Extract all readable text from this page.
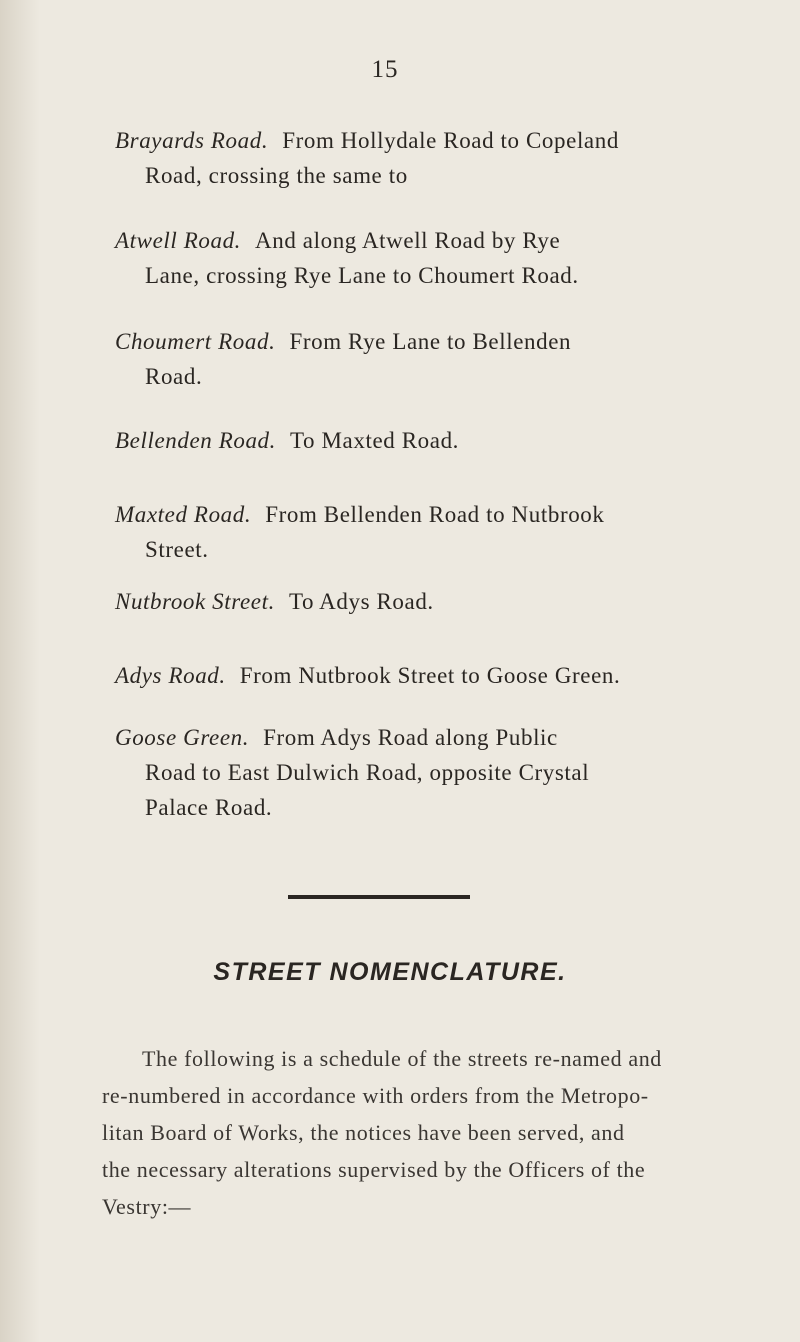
15
Brayards Road. From Hollydale Road to Copeland
Road, crossing the same to
Atwell Road. And along Atwell Road by Rye
Lane, crossing Rye Lane to Choumert Road.
Choumert Road. From Rye Lane to Bellenden
Road.
Bellenden Road. To Maxted Road.
Maxted Road. From Bellenden Road to Nutbrook
Street.
Nutbrook Street. To Adys Road.
Adys Road. From Nutbrook Street to Goose Green.
Goose Green. From Adys Road along Public
Road to East Dulwich Road, opposite Crystal
Palace Road.
STREET NOMENCLATURE.
The following is a schedule of the streets re-named and
re-numbered in accordance with orders from the Metropo-
litan Board of Works, the notices have been served, and
the necessary alterations supervised by the Officers of the
Vestry:—
